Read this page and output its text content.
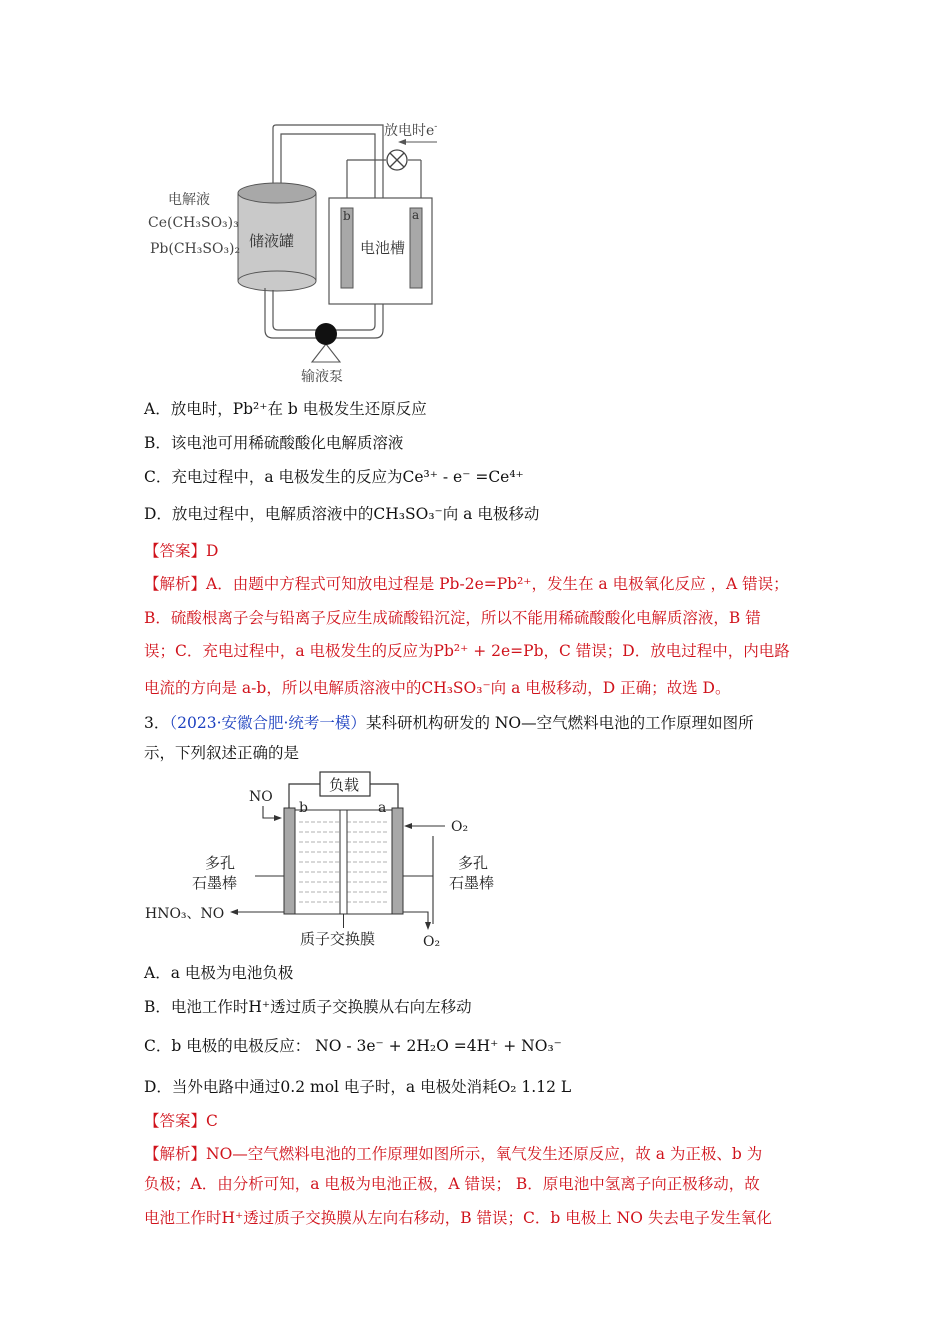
放电时e-
储液罐
电解液
Ce(CH₃SO₃)₃
Pb(CH₃SO₃)₂
b	a
电池槽
输液泵
A．放电时，Pb²⁺在 b 电极发生还原反应
B．该电池可用稀硫酸酸化电解质溶液
C．充电过程中，a 电极发生的反应为Ce³⁺ - e⁻ =Ce⁴⁺
D．放电过程中，电解质溶液中的CH₃SO₃⁻向 a 电极移动
【答案】D
【解析】A．由题中方程式可知放电过程是 Pb-2e=Pb²⁺，发生在 a 电极氧化反应 ，A 错误；
B．硫酸根离子会与铅离子反应生成硫酸铅沉淀，所以不能用稀硫酸酸化电解质溶液，B 错
误；C．充电过程中，a 电极发生的反应为Pb²⁺ + 2e=Pb，C 错误；D．放电过程中，内电路
电流的方向是 a-b，所以电解质溶液中的CH₃SO₃⁻向 a 电极移动，D 正确；故选 D。
3．（2023·安徽合肥·统考一模）某科研机构研发的 NO—空气燃料电池的工作原理如图所
示，下列叙述正确的是
负载
质子交换膜
b	a
NO
HNO₃、NO
多孔
石墨棒
O₂
O₂
多孔
石墨棒
A．a 电极为电池负极
B．电池工作时H⁺透过质子交换膜从右向左移动
C．b 电极的电极反应： NO - 3e⁻ + 2H₂O =4H⁺ + NO₃⁻
D．当外电路中通过0.2 mol 电子时，a 电极处消耗O₂ 1.12 L
【答案】C
【解析】NO—空气燃料电池的工作原理如图所示，氧气发生还原反应，故 a 为正极、b 为
负极；A．由分析可知，a 电极为电池正极，A 错误； B．原电池中氢离子向正极移动，故
电池工作时H⁺透过质子交换膜从左向右移动，B 错误；C．b 电极上 NO 失去电子发生氧化
